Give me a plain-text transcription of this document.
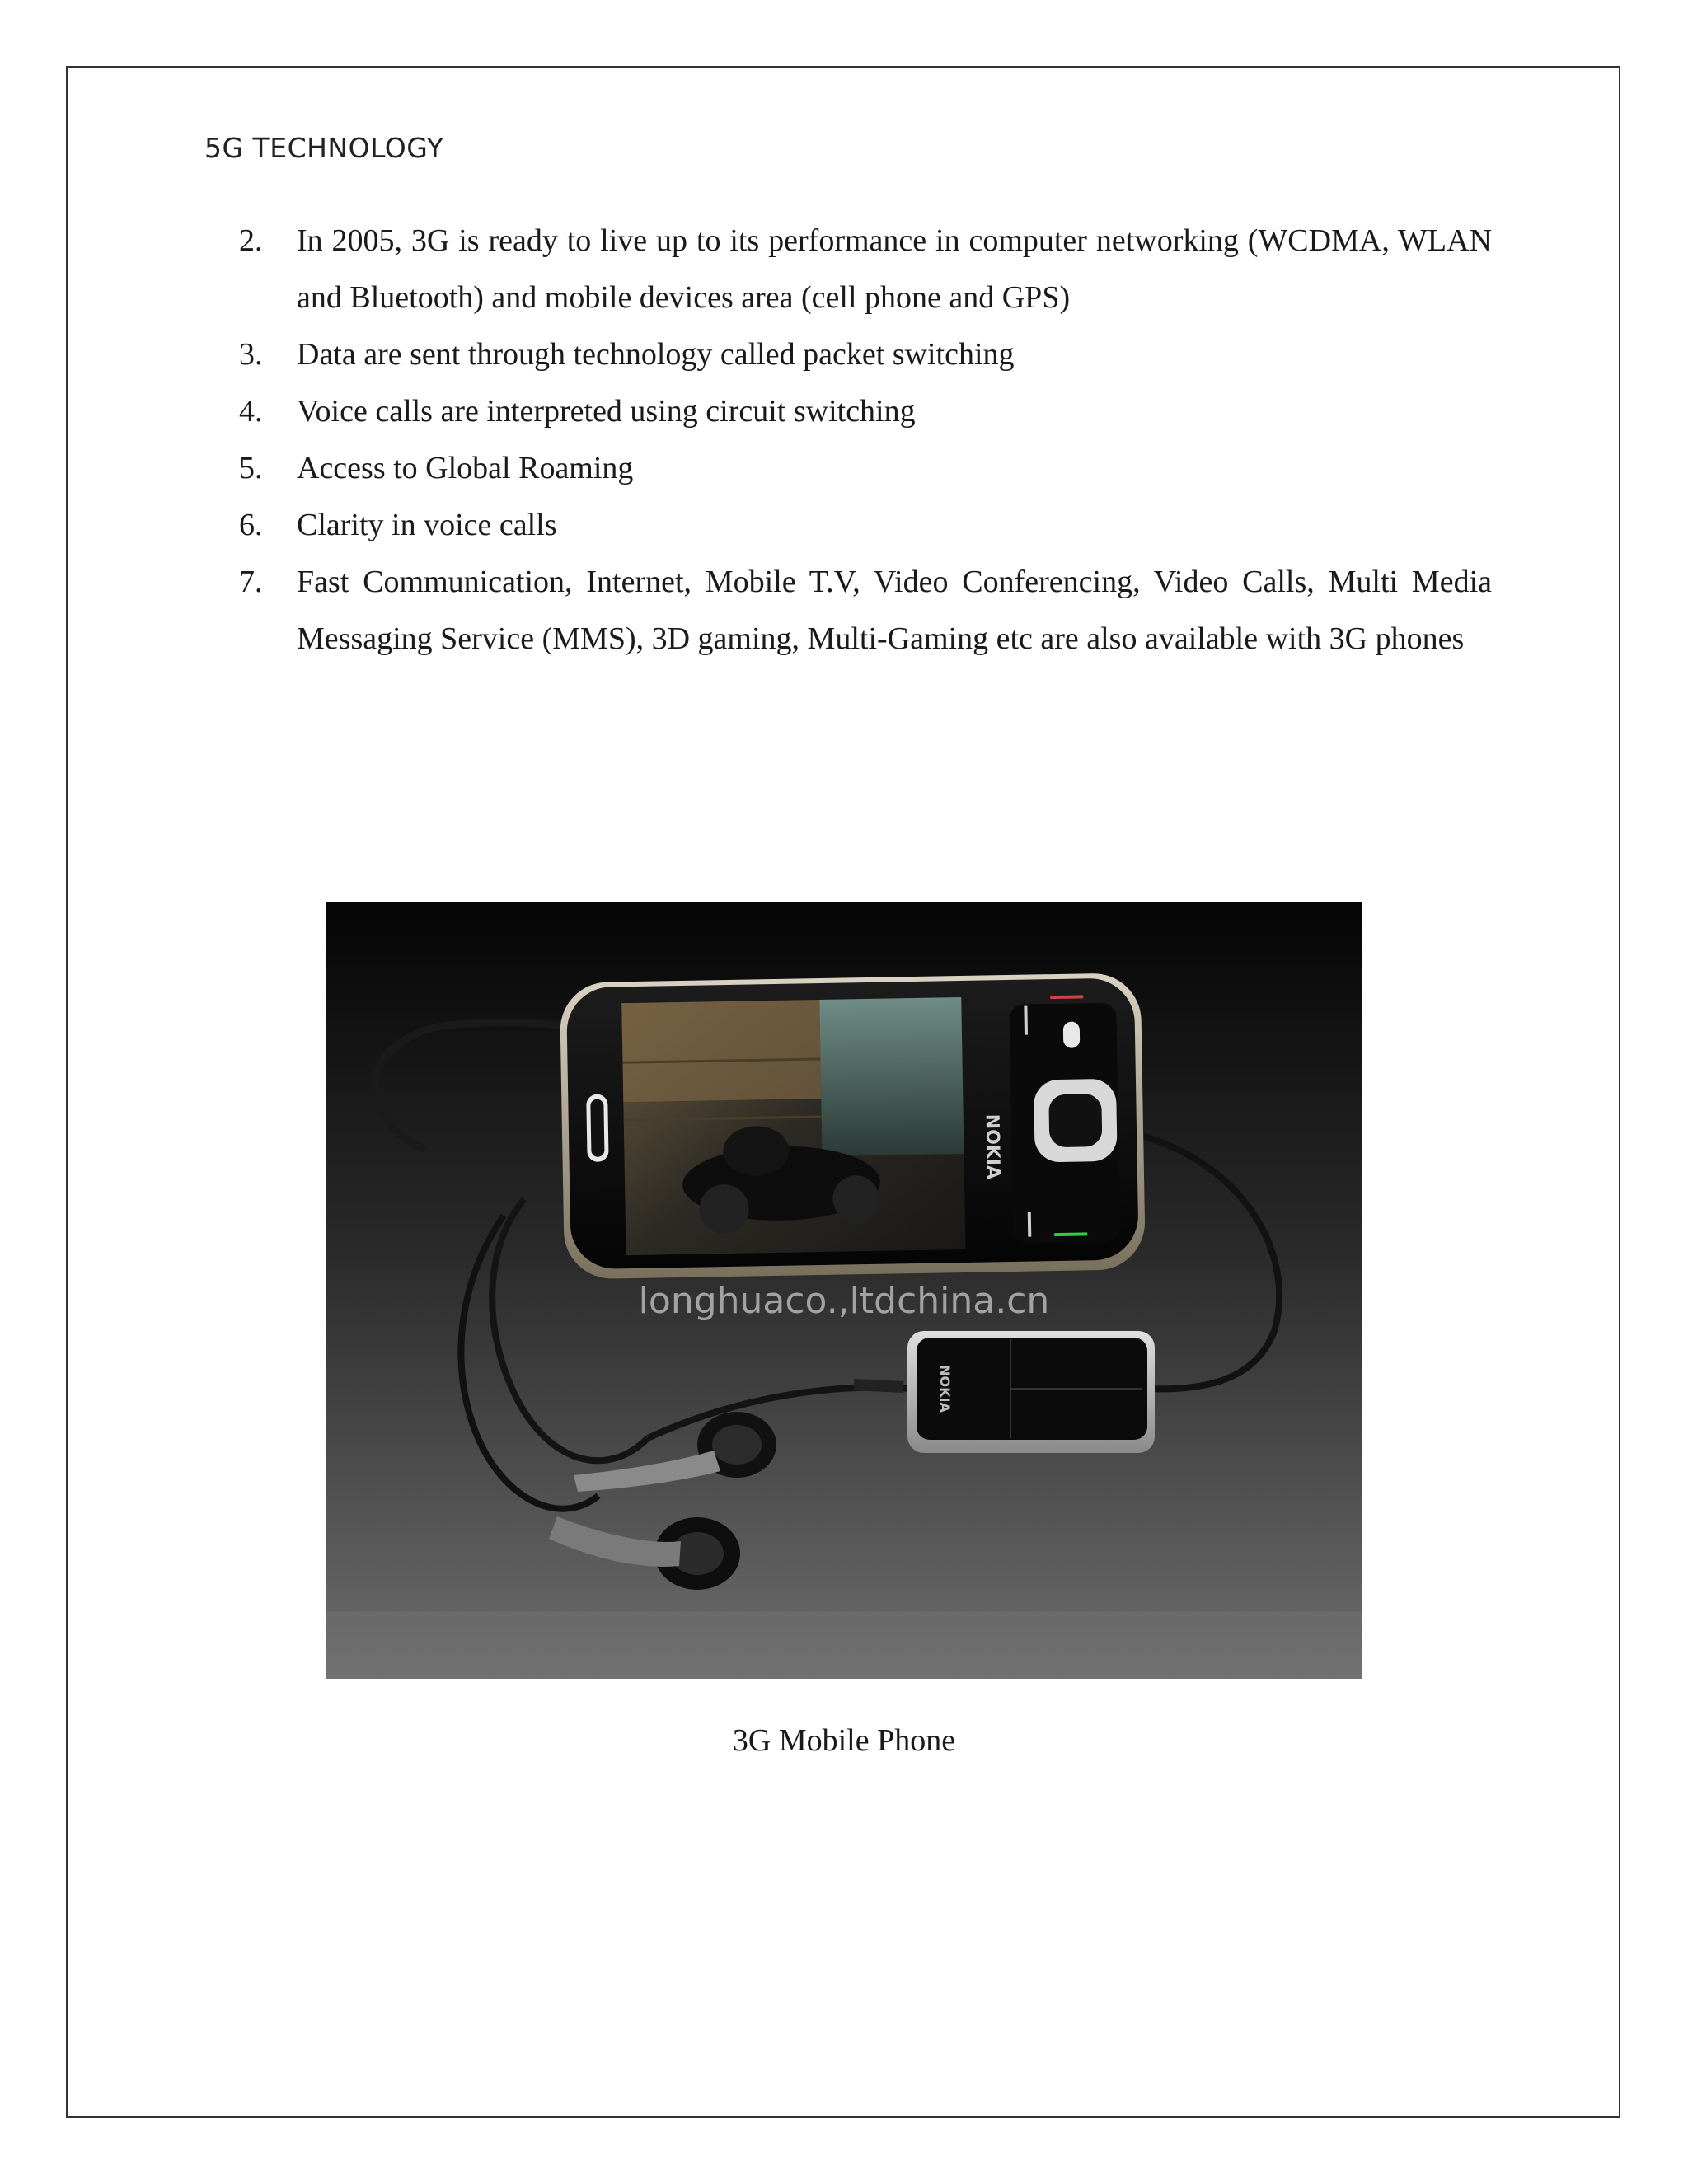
5G TECHNOLOGY
2.	In 2005, 3G is ready to live up to its performance in computer networking (WCDMA, WLAN and Bluetooth) and mobile devices area (cell phone and GPS)
3.	Data are sent through technology called packet switching
4.	Voice calls are interpreted using circuit switching
5.	Access to Global Roaming
6.	Clarity in voice calls
7.	Fast Communication, Internet, Mobile T.V, Video Conferencing, Video Calls, Multi Media Messaging Service (MMS), 3D gaming, Multi-Gaming etc are also available with 3G phones
NOKIA
longhuaco.,ltdchina.cn
NOKIA
3G Mobile Phone
